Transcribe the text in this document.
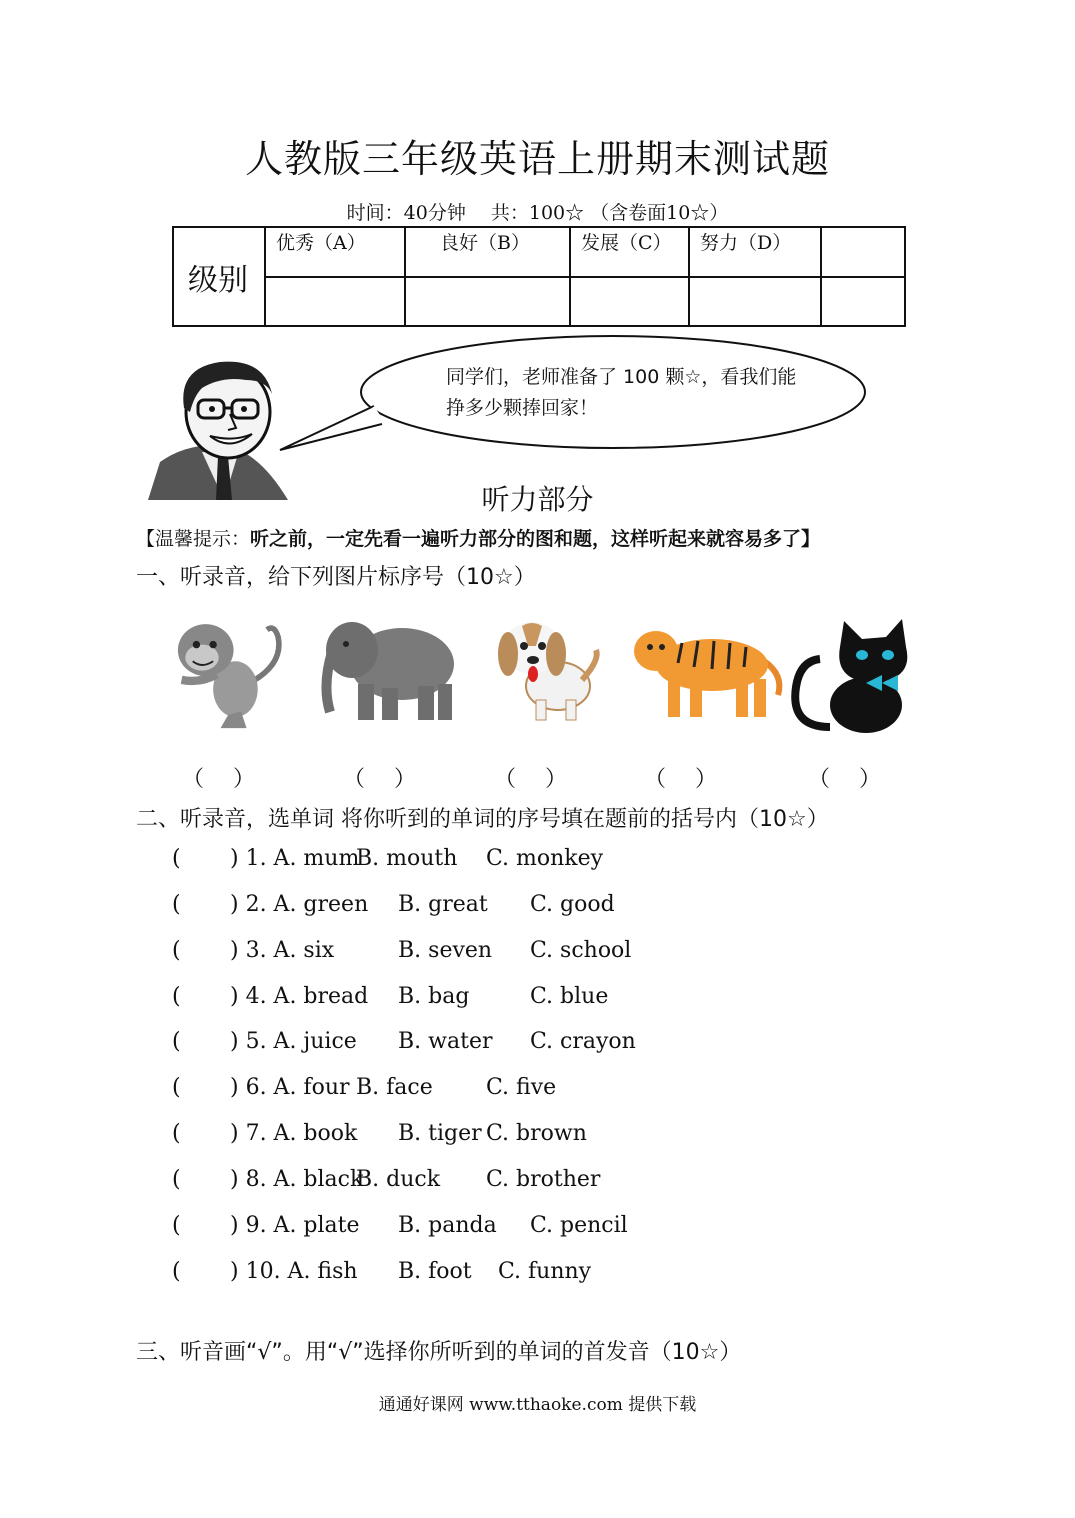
人教版三年级英语上册期末测试题
时间：40分钟　 共：100☆ （含卷面10☆）
级别	优秀（A）	良好（B）	发展（C）	努力（D）	

同学们，老师准备了 100 颗☆，看我们能挣多少颗捧回家！
听力部分
【温馨提示：听之前，一定先看一遍听力部分的图和题，这样听起来就容易多了】
一、听录音，给下列图片标序号（10☆）
（　 ）	（　 ）	（　 ）	（　 ）	（　 ）
二、听录音，选单词 将你听到的单词的序号填在题前的括号内（10☆）
( ) 1. A. mum
B. mouth C. monkey
( ) 2. A. green B. great C. good
( ) 3. A. six	B. seven C. school
( ) 4. A. bread B. bag	C. blue
( ) 5. A. juice B. water C. crayon
( ) 6. A. four B. face C. five
( ) 7. A. book B. tiger C. brown
( ) 8. A. black
B. duck C. brother
( ) 9. A. plate B. panda C. pencil
( ) 10. A. fish B. foot C. funny
三、听音画“√”。用“√”选择你所听到的单词的首发音（10☆）
通通好课网 www.tthaoke.com 提供下载
